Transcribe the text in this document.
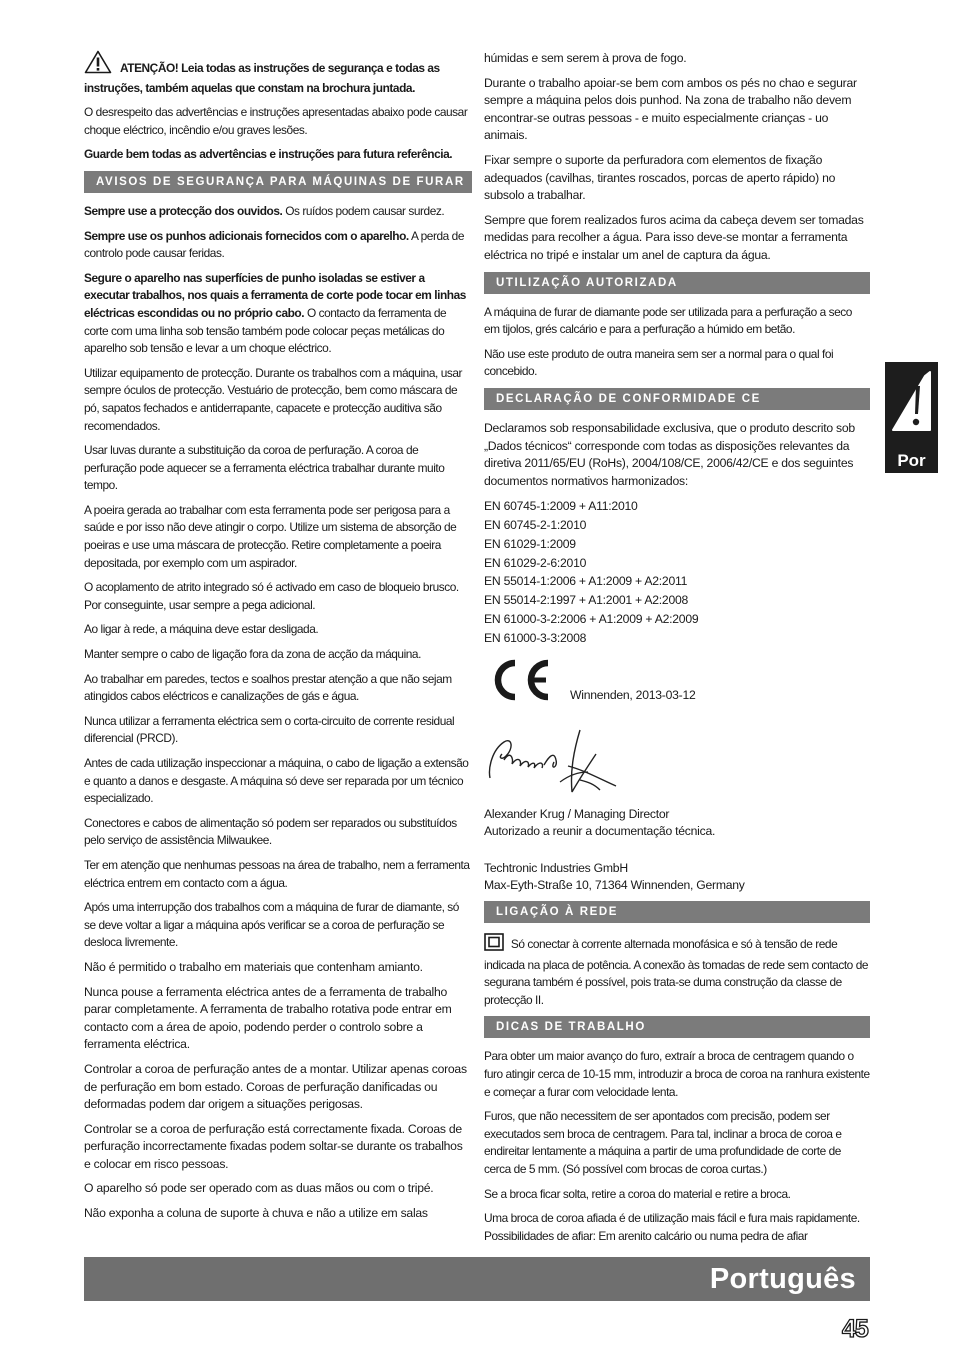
ATENÇÃO! Leia todas as instruções de segurança e todas as instruções, também aquelas que constam na brochura juntada.

O desrespeito das advertências e instruções apresentadas abaixo pode causar choque eléctrico, incêndio e/ou graves lesões.

Guarde bem todas as advertências e instruções para futura referência.

AVISOS DE SEGURANÇA PARA MÁQUINAS DE FURAR

Sempre use a protecção dos ouvidos. Os ruídos podem causar surdez.

Sempre use os punhos adicionais fornecidos com o aparelho. A perda de controlo pode causar feridas.

Segure o aparelho nas superfícies de punho isoladas se estiver a executar trabalhos, nos quais a ferramenta de corte pode tocar em linhas eléctricas escondidas ou no próprio cabo. O contacto da ferramenta de corte com uma linha sob tensão também pode colocar peças metálicas do aparelho sob tensão e levar a um choque eléctrico.

Utilizar equipamento de protecção. Durante os trabalhos com a máquina, usar sempre óculos de protecção. Vestuário de protecção, bem como máscara de pó, sapatos fechados e antiderrapante, capacete e protecção auditiva são recomendados.

Usar luvas durante a substituição da coroa de perfuração. A coroa de perfuração pode aquecer se a ferramenta eléctrica trabalhar durante muito tempo.

A poeira gerada ao trabalhar com esta ferramenta pode ser perigosa para a saúde e por isso não deve atingir o corpo. Utilize um sistema de absorção de poeiras e use uma máscara de protecção. Retire completamente a poeira depositada, por exemplo com um aspirador.

O acoplamento de atrito integrado só é activado em caso de bloqueio brusco. Por conseguinte, usar sempre a pega adicional.

Ao ligar à rede, a máquina deve estar desligada.

Manter sempre o cabo de ligação fora da zona de acção da máquina.

Ao trabalhar em paredes, tectos e soalhos prestar atenção a que não sejam atingidos cabos eléctricos e canalizações de gás e água.

Nunca utilizar a ferramenta eléctrica sem o corta-circuito de corrente residual diferencial (PRCD).

Antes de cada utilização inspeccionar a máquina, o cabo de ligação a extensão e quanto a danos e desgaste. A máquina só deve ser reparada por um técnico especializado.

Conectores e cabos de alimentação só podem ser reparados ou substituídos pelo serviço de assistência Milwaukee.

Ter em atenção que nenhumas pessoas na área de trabalho, nem a ferramenta eléctrica entrem em contacto com a água.

Após uma interrupção dos trabalhos com a máquina de furar de diamante, só se deve voltar a ligar a máquina após verificar se a coroa de perfuração se desloca livremente.

Não é permitido o trabalho em materiais que contenham amianto.

Nunca pouse a ferramenta eléctrica antes de a ferramenta de trabalho parar completamente. A ferramenta de trabalho rotativa pode entrar em contacto com a área de apoio, podendo perder o controlo sobre a ferramenta eléctrica.

Controlar a coroa de perfuração antes de a montar. Utilizar apenas coroas de perfuração em bom estado. Coroas de perfuração danificadas ou deformadas podem dar origem a situações perigosas.

Controlar se a coroa de perfuração está correctamente fixada. Coroas de perfuração incorrectamente fixadas podem soltar-se durante os trabalhos e colocar em risco pessoas.

O aparelho só pode ser operado com as duas mãos ou com o tripé.

Não exponha a coluna de suporte à chuva e não a utilize em salas

húmidas e sem serem à prova de fogo.

Durante o trabalho apoiar-se bem com ambos os pés no chao e segurar sempre a máquina pelos dois punhod. Na zona de trabalho não devem encontrar-se outras pessoas - e muito especialmente crianças - uo animais.

Fixar sempre o suporte da perfuradora com elementos de fixação adequados (cavilhas, tirantes roscados, porcas de aperto rápido) no subsolo a trabalhar.

Sempre que forem realizados furos acima da cabeça devem ser tomadas medidas para recolher a água. Para isso deve-se montar a ferramenta eléctrica no tripé e instalar um anel de captura da água.

UTILIZAÇÃO AUTORIZADA

A máquina de furar de diamante pode ser utilizada para a perfuração a seco em tijolos, grés calcário e para a perfuração a húmido em betão.

Não use este produto de outra maneira sem ser a normal para o qual foi concebido.

DECLARAÇÃO DE CONFORMIDADE CE

Declaramos sob responsabilidade exclusiva, que o produto descrito sob „Dados técnicos“ corresponde com todas as disposições relevantes da diretiva 2011/65/EU (RoHs), 2004/108/CE, 2006/42/CE e dos seguintes documentos normativos harmonizados:

EN 60745-1:2009 + A11:2010
EN 60745-2-1:2010
EN 61029-1:2009
EN 61029-2-6:2010
EN 55014-1:2006 + A1:2009 + A2:2011
EN 55014-2:1997 + A1:2001 + A2:2008
EN 61000-3-2:2006 + A1:2009 + A2:2009
EN 61000-3-3:2008
Winnenden, 2013-03-12

Alexander Krug / Managing Director

Autorizado a reunir a documentação técnica.

Techtronic Industries GmbH

Max-Eyth-Straße 10, 71364 Winnenden, Germany

LIGAÇÃO À REDE

Só conectar à corrente alternada monofásica e só à tensão de rede indicada na placa de potência. A conexão às tomadas de rede sem contacto de segurana também é possível, pois trata-se duma construção da classe de protecção II.

DICAS DE TRABALHO

Para obter um maior avanço do furo, extraír a broca de centragem quando o furo atingir cerca de 10-15 mm, introduzir a broca de coroa na ranhura existente e começar a furar com velocidade lenta.

Furos, que não necessitem de ser apontados com precisão, podem ser executados sem broca de centragem. Para tal, inclinar a broca de coroa e endireitar lentamente a máquina a partir de uma profundidade de corte de cerca de 5 mm. (Só possível com brocas de coroa curtas.)

Se a broca ficar solta, retire a coroa do material e retire a broca.

Uma broca de coroa afiada é de utilização mais fácil e fura mais rapidamente. Possibilidades de afiar: Em arenito calcário ou numa pedra de afiar

Por
Português
45
